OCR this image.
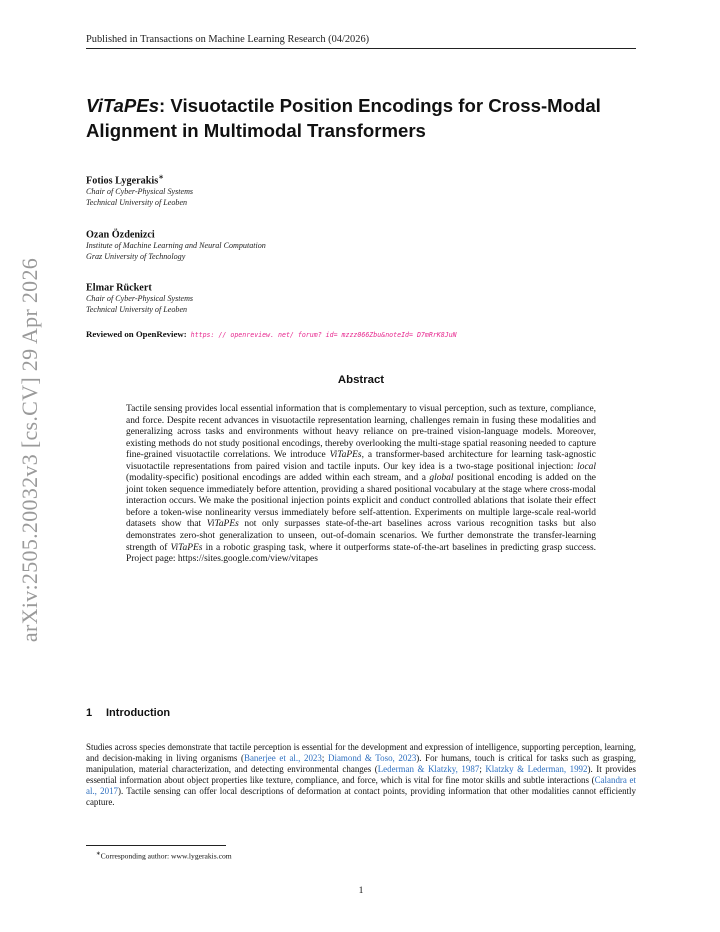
arXiv:2505.20032v3 [cs.CV] 29 Apr 2026
Published in Transactions on Machine Learning Research (04/2026)
ViTaPEs: Visuotactile Position Encodings for Cross-Modal Alignment in Multimodal Transformers
Fotios Lygerakis∗
Chair of Cyber-Physical Systems
Technical University of Leoben
Ozan Özdenizci
Institute of Machine Learning and Neural Computation
Graz University of Technology
Elmar Rückert
Chair of Cyber-Physical Systems
Technical University of Leoben
Reviewed on OpenReview: https: // openreview. net/ forum? id= mzzz066Zbu&noteId= D7mRrK8JuN
Abstract

Tactile sensing provides local essential information that is complementary to visual perception, such as texture, compliance, and force. Despite recent advances in visuotactile representation learning, challenges remain in fusing these modalities and generalizing across tasks and environments without heavy reliance on pre-trained vision-language models. Moreover, existing methods do not study positional encodings, thereby overlooking the multi-stage spatial reasoning needed to capture fine-grained visuotactile correlations. We introduce ViTaPEs, a transformer-based architecture for learning task-agnostic visuotactile representations from paired vision and tactile inputs. Our key idea is a two-stage positional injection: local (modality-specific) positional encodings are added within each stream, and a global positional encoding is added on the joint token sequence immediately before attention, providing a shared positional vocabulary at the stage where cross-modal interaction occurs. We make the positional injection points explicit and conduct controlled ablations that isolate their effect before a token-wise nonlinearity versus immediately before self-attention. Experiments on multiple large-scale real-world datasets show that ViTaPEs not only surpasses state-of-the-art baselines across various recognition tasks but also demonstrates zero-shot generalization to unseen, out-of-domain scenarios. We further demonstrate the transfer-learning strength of ViTaPEs in a robotic grasping task, where it outperforms state-of-the-art baselines in predicting grasp success. Project page: https://sites.google.com/view/vitapes

1 Introduction

Studies across species demonstrate that tactile perception is essential for the development and expression of intelligence, supporting perception, learning, and decision-making in living organisms (Banerjee et al., 2023; Diamond & Toso, 2023). For humans, touch is critical for tasks such as grasping, manipulation, material characterization, and detecting environmental changes (Lederman & Klatzky, 1987; Klatzky & Lederman, 1992). It provides essential information about object properties like texture, compliance, and force, which is vital for fine motor skills and subtle interactions (Calandra et al., 2017). Tactile sensing can offer local descriptions of deformation at contact points, providing information that other modalities cannot efficiently capture.

∗Corresponding author: www.lygerakis.com
1
